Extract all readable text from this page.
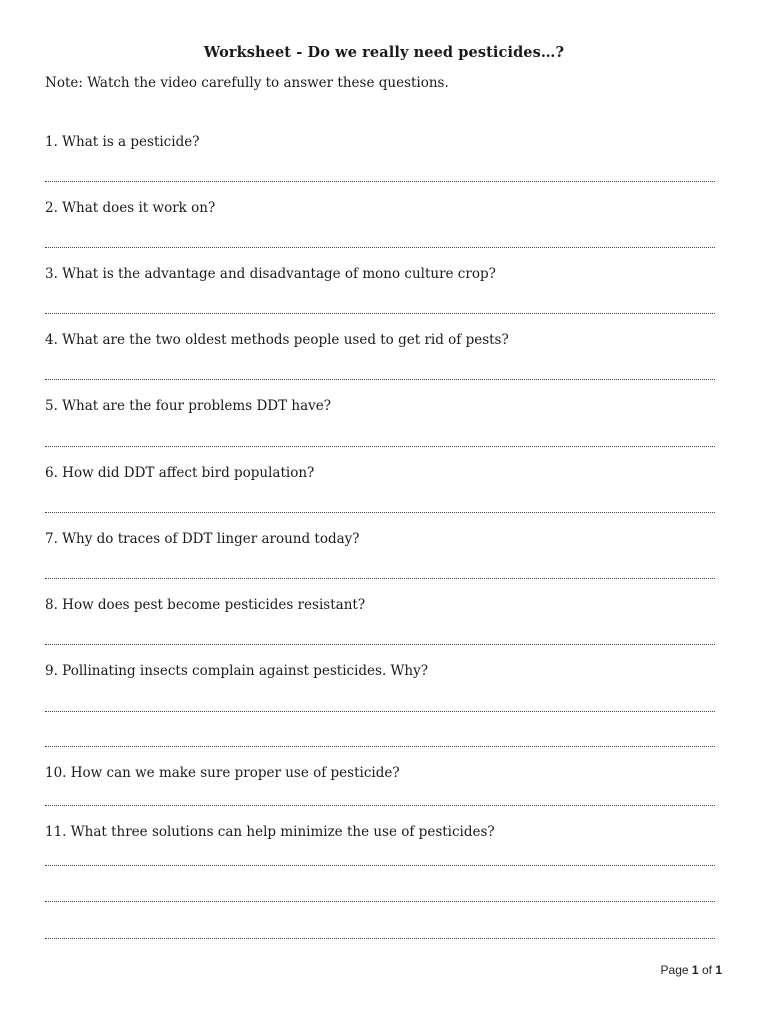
Worksheet - Do we really need pesticides…?
Note: Watch the video carefully to answer these questions.
1. What is a pesticide?
2. What does it work on?
3. What is the advantage and disadvantage of mono culture crop?
4. What are the two oldest methods people used to get rid of pests?
5. What are the four problems DDT have?
6. How did DDT affect bird population?
7. Why do traces of DDT linger around today?
8. How does pest become pesticides resistant?
9. Pollinating insects complain against pesticides. Why?
10. How can we make sure proper use of pesticide?
11. What three solutions can help minimize the use of pesticides?
Page 1 of 1
